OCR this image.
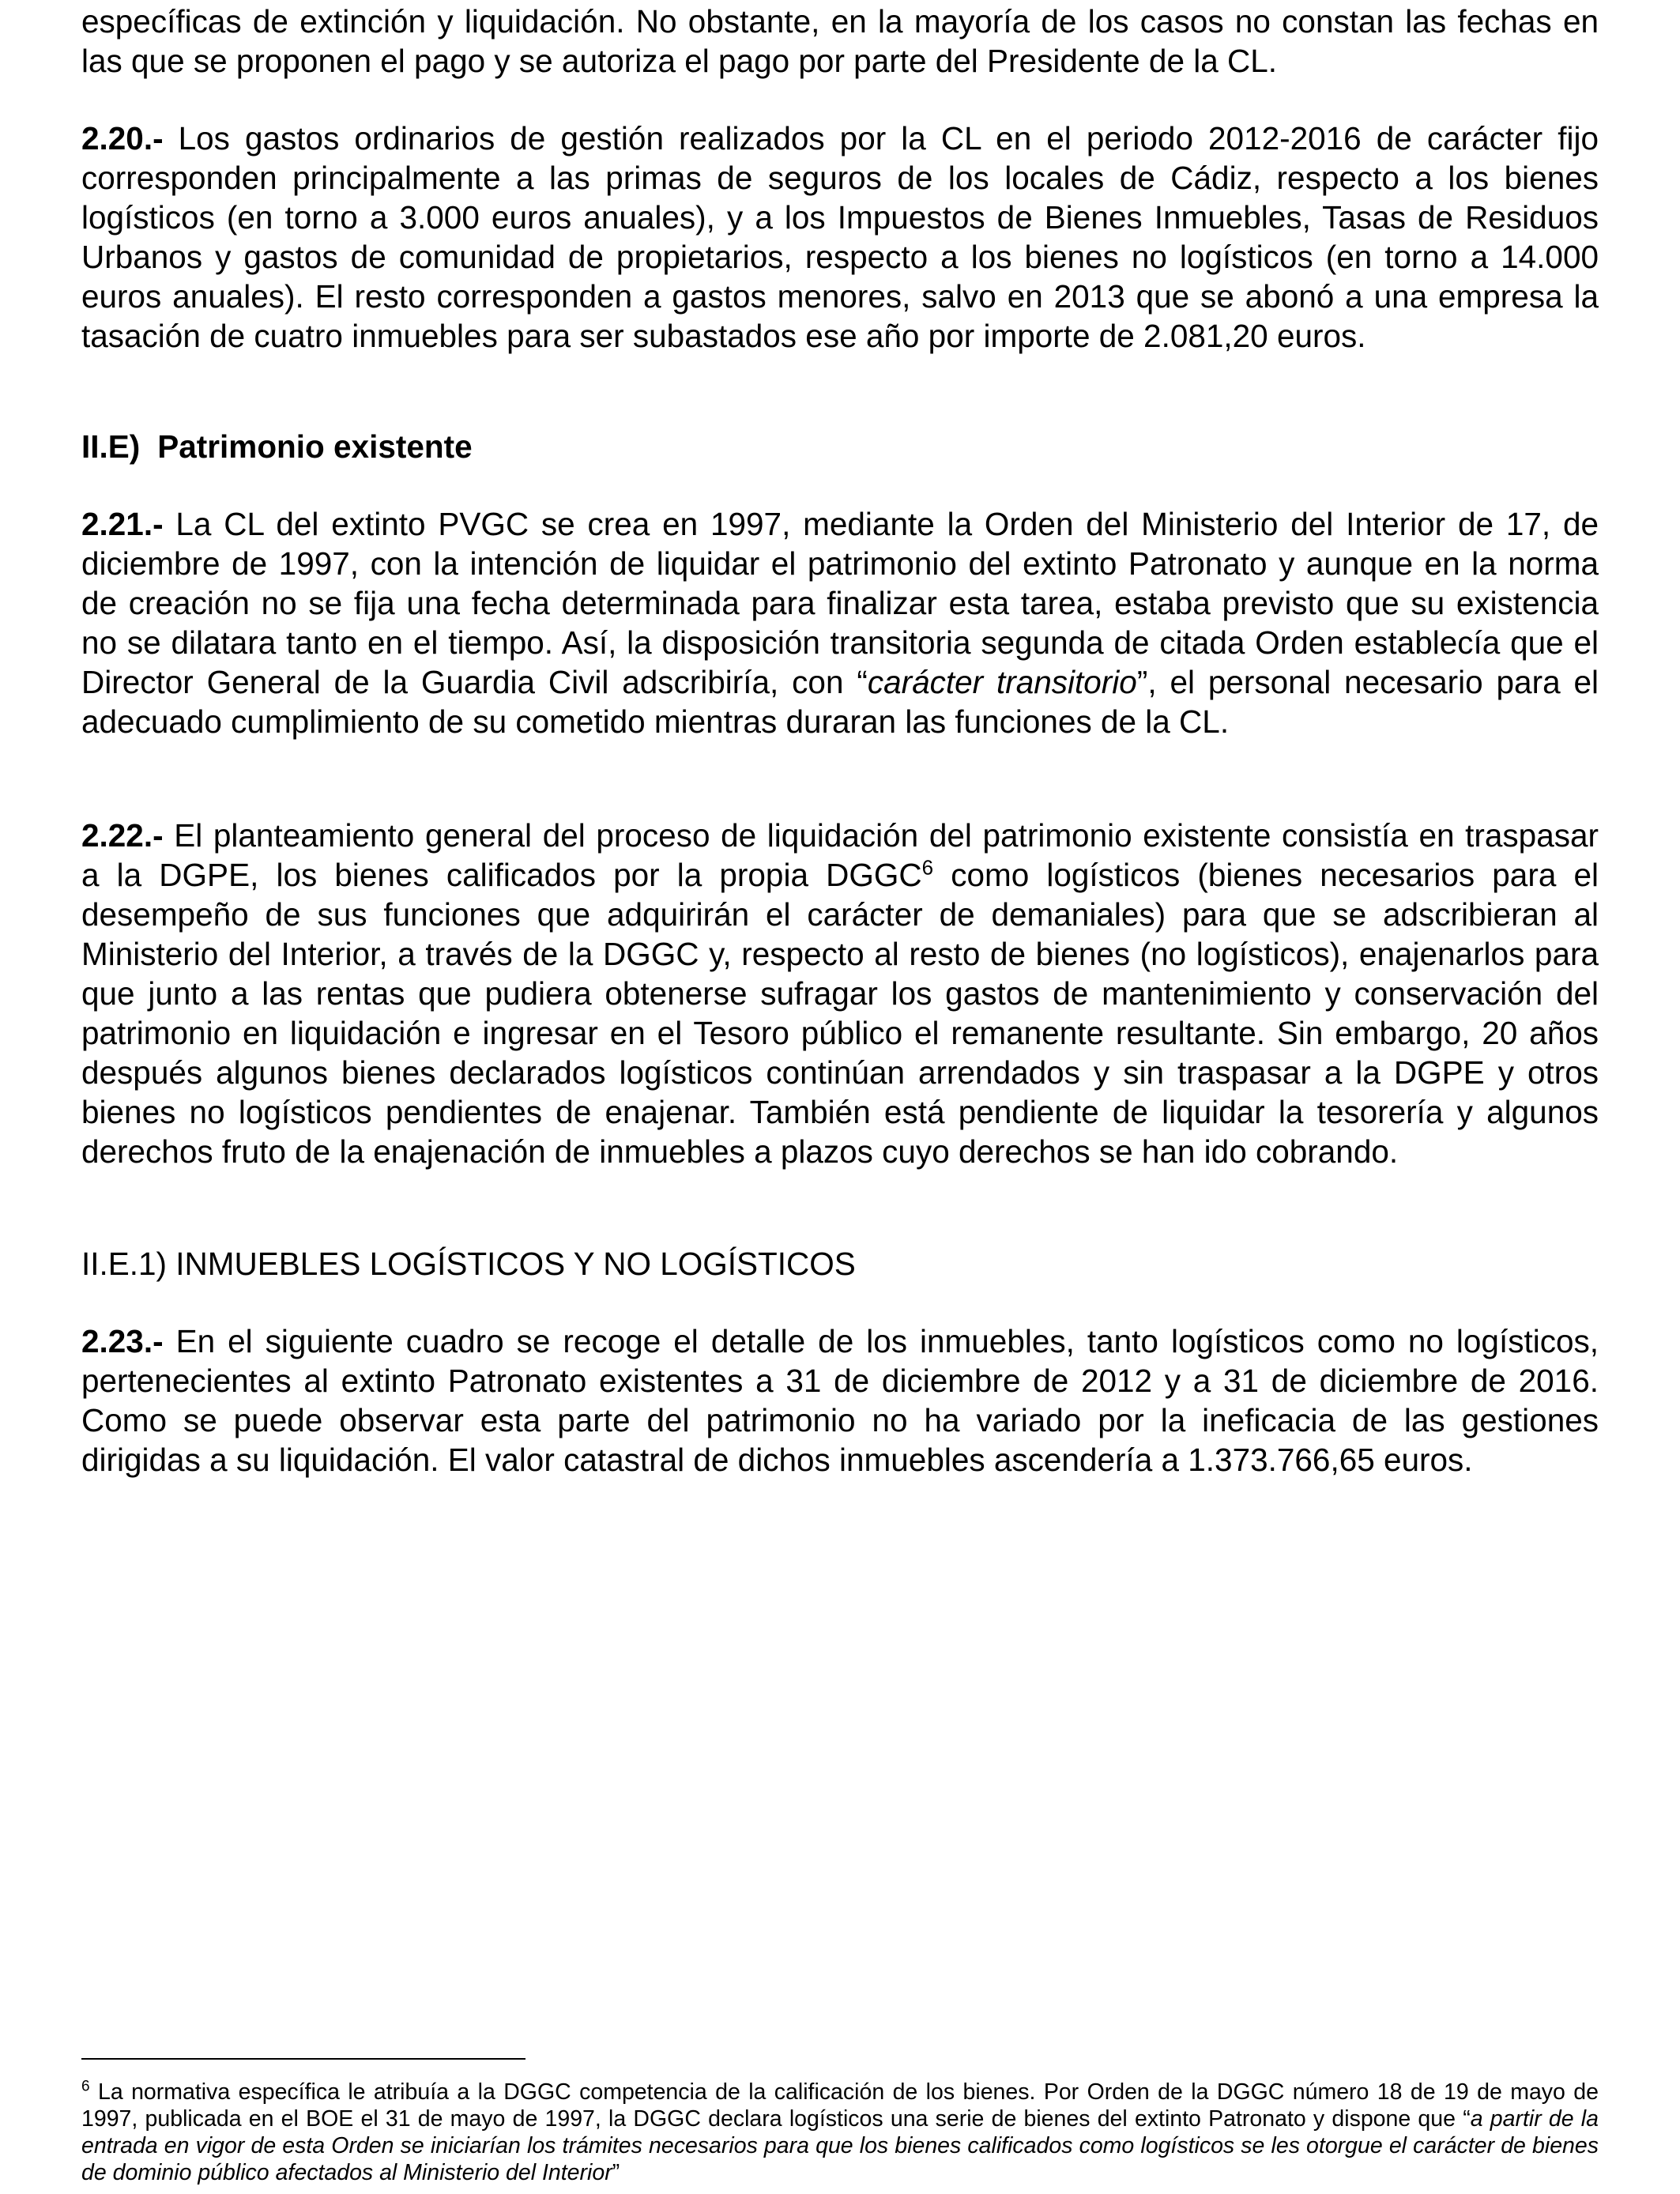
específicas de extinción y liquidación. No obstante, en la mayoría de los casos no constan las fechas en las que se proponen el pago y se autoriza el pago por parte del Presidente de la CL.

2.20.- Los gastos ordinarios de gestión realizados por la CL en el periodo 2012-2016 de carácter fijo corresponden principalmente a las primas de seguros de los locales de Cádiz, respecto a los bienes logísticos (en torno a 3.000 euros anuales), y a los Impuestos de Bienes Inmuebles, Tasas de Residuos Urbanos y gastos de comunidad de propietarios, respecto a los bienes no logísticos (en torno a 14.000 euros anuales). El resto corresponden a gastos menores, salvo en 2013 que se abonó a una empresa la tasación de cuatro inmuebles para ser subastados ese año por importe de 2.081,20 euros.

II.E) Patrimonio existente

2.21.- La CL del extinto PVGC se crea en 1997, mediante la Orden del Ministerio del Interior de 17, de diciembre de 1997, con la intención de liquidar el patrimonio del extinto Patronato y aunque en la norma de creación no se fija una fecha determinada para finalizar esta tarea, estaba previsto que su existencia no se dilatara tanto en el tiempo. Así, la disposición transitoria segunda de citada Orden establecía que el Director General de la Guardia Civil adscribiría, con “carácter transitorio”, el personal necesario para el adecuado cumplimiento de su cometido mientras duraran las funciones de la CL.

2.22.- El planteamiento general del proceso de liquidación del patrimonio existente consistía en traspasar a la DGPE, los bienes calificados por la propia DGGC$^6$ como logísticos (bienes necesarios para el desempeño de sus funciones que adquirirán el carácter de demaniales) para que se adscribieran al Ministerio del Interior, a través de la DGGC y, respecto al resto de bienes (no logísticos), enajenarlos para que junto a las rentas que pudiera obtenerse sufragar los gastos de mantenimiento y conservación del patrimonio en liquidación e ingresar en el Tesoro público el remanente resultante. Sin embargo, 20 años después algunos bienes declarados logísticos continúan arrendados y sin traspasar a la DGPE y otros bienes no logísticos pendientes de enajenar. También está pendiente de liquidar la tesorería y algunos derechos fruto de la enajenación de inmuebles a plazos cuyo derechos se han ido cobrando.

II.E.1) INMUEBLES LOGÍSTICOS Y NO LOGÍSTICOS

2.23.- En el siguiente cuadro se recoge el detalle de los inmuebles, tanto logísticos como no logísticos, pertenecientes al extinto Patronato existentes a 31 de diciembre de 2012 y a 31 de diciembre de 2016. Como se puede observar esta parte del patrimonio no ha variado por la ineficacia de las gestiones dirigidas a su liquidación. El valor catastral de dichos inmuebles ascendería a 1.373.766,65 euros.

$^6$ La normativa específica le atribuía a la DGGC competencia de la calificación de los bienes. Por Orden de la DGGC número 18 de 19 de mayo de 1997, publicada en el BOE el 31 de mayo de 1997, la DGGC declara logísticos una serie de bienes del extinto Patronato y dispone que “a partir de la entrada en vigor de esta Orden se iniciarían los trámites necesarios para que los bienes calificados como logísticos se les otorgue el carácter de bienes de dominio público afectados al Ministerio del Interior”
